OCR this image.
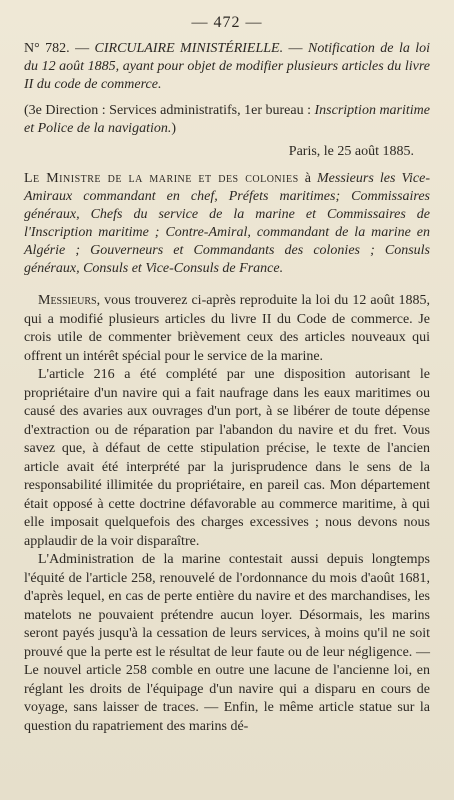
— 472 —

N° 782. — CIRCULAIRE MINISTÉRIELLE. — Notification de la loi du 12 août 1885, ayant pour objet de modifier plusieurs articles du livre II du code de commerce.

(3e Direction : Services administratifs, 1er bureau : Inscription maritime et Police de la navigation.)

Paris, le 25 août 1885.

Le Ministre de la marine et des colonies à Messieurs les Vice-Amiraux commandant en chef, Préfets maritimes; Commissaires généraux, Chefs du service de la marine et Commissaires de l'Inscription maritime ; Contre-Amiral, commandant de la marine en Algérie ; Gouverneurs et Commandants des colonies ; Consuls généraux, Consuls et Vice-Consuls de France.

Messieurs, vous trouverez ci-après reproduite la loi du 12 août 1885, qui a modifié plusieurs articles du livre II du Code de commerce. Je crois utile de commenter brièvement ceux des articles nouveaux qui offrent un intérêt spécial pour le service de la marine.

L'article 216 a été complété par une disposition autorisant le propriétaire d'un navire qui a fait naufrage dans les eaux maritimes ou causé des avaries aux ouvrages d'un port, à se libérer de toute dépense d'extraction ou de réparation par l'abandon du navire et du fret. Vous savez que, à défaut de cette stipulation précise, le texte de l'ancien article avait été interprété par la jurisprudence dans le sens de la responsabilité illimitée du propriétaire, en pareil cas. Mon département était opposé à cette doctrine défavorable au commerce maritime, à qui elle imposait quelquefois des charges excessives ; nous devons nous applaudir de la voir disparaître.

L'Administration de la marine contestait aussi depuis longtemps l'équité de l'article 258, renouvelé de l'ordonnance du mois d'août 1681, d'après lequel, en cas de perte entière du navire et des marchandises, les matelots ne pouvaient prétendre aucun loyer. Désormais, les marins seront payés jusqu'à la cessation de leurs services, à moins qu'il ne soit prouvé que la perte est le résultat de leur faute ou de leur négligence. — Le nouvel article 258 comble en outre une lacune de l'ancienne loi, en réglant les droits de l'équipage d'un navire qui a disparu en cours de voyage, sans laisser de traces. — Enfin, le même article statue sur la question du rapatriement des marins dé-
